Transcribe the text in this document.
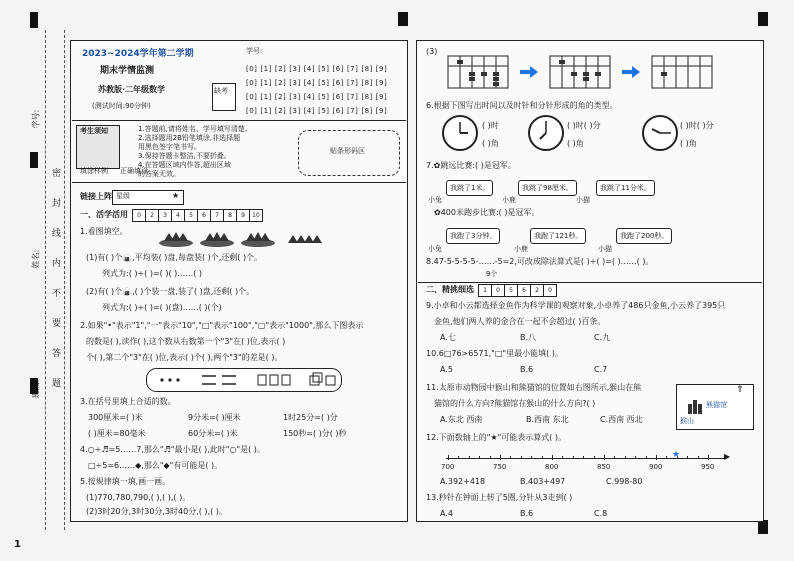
1
学号:
姓名:
班级:
密
封
线
内
不
要
答
题
2023~2024学年第二学期
期末学情监测
苏教版·二年级数学
(测试时间:90分钟)
缺考
学号:
[0] [1] [2] [3] [4] [5] [6] [7] [8] [9]
[0] [1] [2] [3] [4] [5] [6] [7] [8] [9]
[0] [1] [2] [3] [4] [5] [6] [7] [8] [9]
[0] [1] [2] [3] [4] [5] [6] [7] [8] [9]
考生须知
填涂样例 正确填涂
1.答题前,请将姓名、学号填写清楚。
2.选择题用2B铅笔填涂,非选择题
用黑色签字笔书写。
3.保持答题卡整洁,不要折叠。
4.在答题区域内作答,超出区域
的答案无效。
贴条形码区
链接上阵 星级	★
一、活学活用	0	2	3	4	5	6	7	8	9	10
1.看图填空。
(1)有( )个🍙,平均装( )盘,每盘装( )个,还剩( )个。
列式为:( )÷( )=( )( )……( )
(2)有( )个🍙,( )个装一盘,装了( )盘,还剩( )个。
列式为:( )÷( )=( )(盘)……( )(个)
2.如果"•"表示"1","一"表示"10","□"表示"100","▢"表示"1000",那么下图表示
的数是( ),读作( ),这个数从右数第一个"3"在( )位,表示( )
个( ),第二个"3"在( )位,表示( )个( ),两个"3"的差是( )。
3.在括号里填上合适的数。
300厘米=( )米	9分米=( )厘米	1时25分=( )分
( )厘米=80毫米	60分米=( )米	150秒=( )分( )秒
4.○÷♬=5……7,那么"♬"最小是( ),此时"○"是( )。
□÷5=6……◆,那么"◆"有可能是( )。
5.按规律填一填,画一画。
(1)770,780,790,( ),( ),( )。
(2)3时20分,3时30分,3时40分,( ),( )。
(3)
6.根据下图写出时间以及时针和分针形成的角的类型。
( )时
( )角
( )时( )分
( )角
( )时( )分
( )角
7.✿跳远比赛:( )是冠军。
小兔
我跳了1米。
小鹿
我跳了98厘米。
小猫
我跳了11分米。
✿400米跑步比赛:( )是冠军。
小兔
我跑了3分钟。
小鹿
我跑了121秒。
小猫
我跑了200秒。
8.47-5-5-5-5-……-5=2,可改成除法算式是( )÷( )=( )……( )。
9个
二、精挑细选	1	0	5	6	2	0
9.小卓和小云都选择金鱼作为科学课的观察对象,小卓养了486只金鱼,小云养了395只
金鱼,他们两人养的金合在一起不会超过( )百条。
A.七	B.八	C.九
10.6□76>6571,"□"里最小能填( )。
A.5	B.6	C.7
11.太原市动物园中猴山和熊猫馆的位置如右图所示,猴山在熊
猫馆的什么方向?熊猫馆在猴山的什么方向?( )
A.东北 西南	B.西南 东北	C.西南 西北
⇑
熊猫馆
猴山
12.下面数轴上的"★"可能表示算式( )。
▶
700	750	800	850	900	950
★
A.392+418	B.403+497	C.998-80
13.秒针在钟面上转了5圈,分针从3走到( )
A.4	B.6	C.8
